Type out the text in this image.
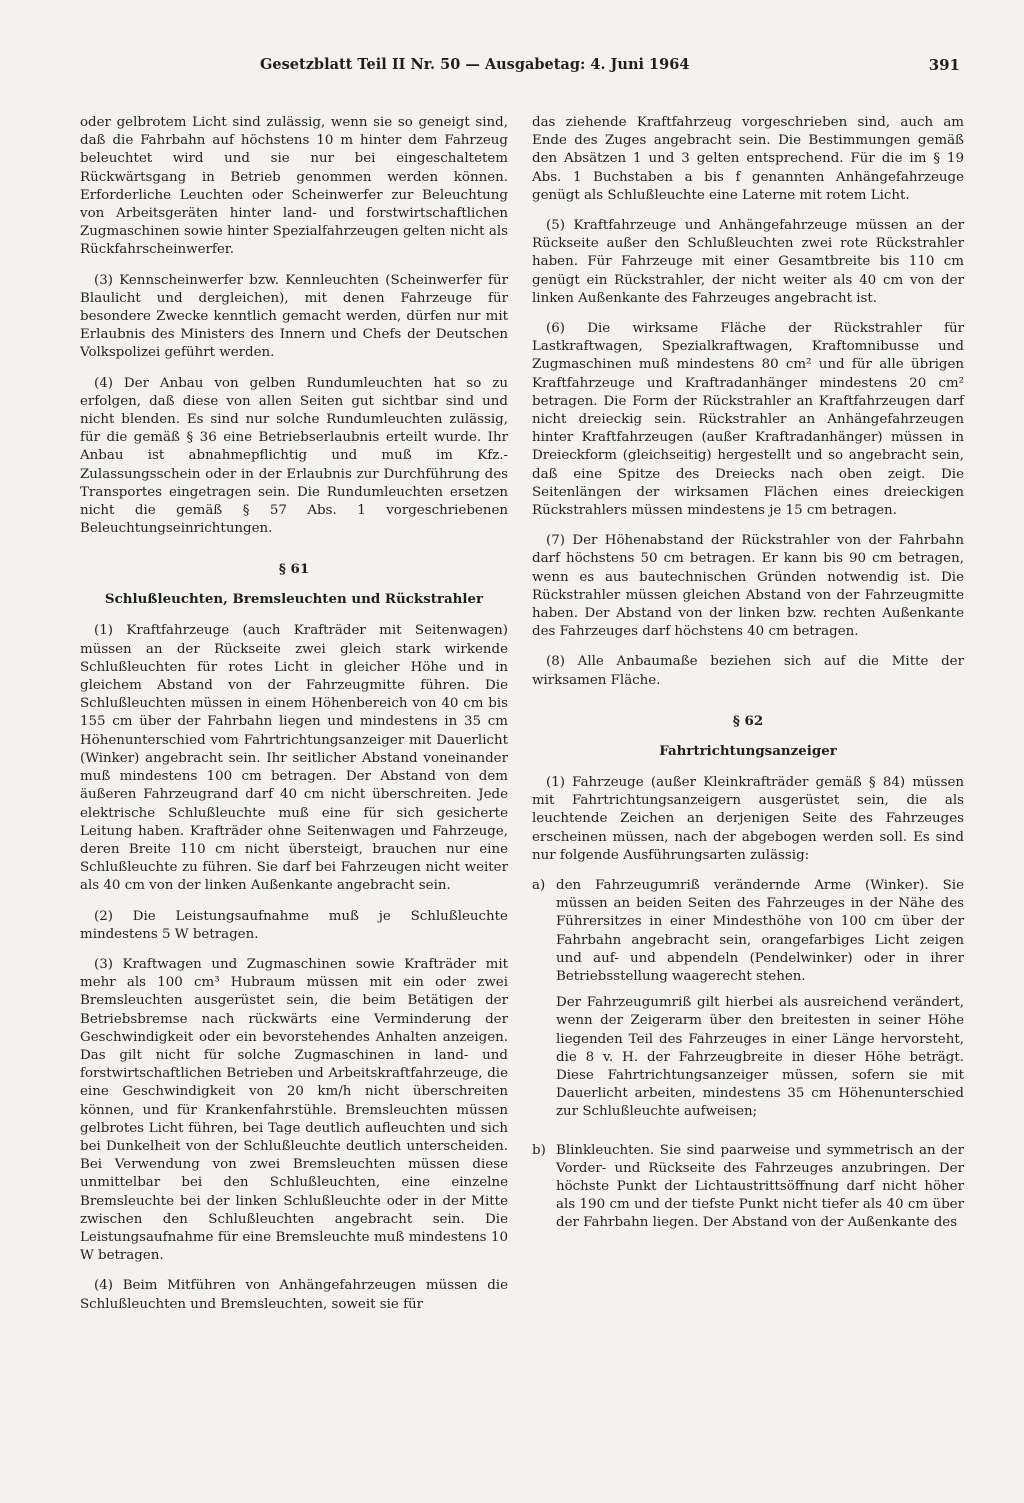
Gesetzblatt Teil II Nr. 50 — Ausgabetag: 4. Juni 1964	391

oder gelbrotem Licht sind zulässig, wenn sie so geneigt sind, daß die Fahrbahn auf höchstens 10 m hinter dem Fahrzeug beleuchtet wird und sie nur bei eingeschaltetem Rückwärtsgang in Betrieb genommen werden können. Erforderliche Leuchten oder Scheinwerfer zur Beleuchtung von Arbeitsgeräten hinter land- und forstwirtschaftlichen Zugmaschinen sowie hinter Spezialfahrzeugen gelten nicht als Rückfahrscheinwerfer.

(3) Kennscheinwerfer bzw. Kennleuchten (Scheinwerfer für Blaulicht und dergleichen), mit denen Fahrzeuge für besondere Zwecke kenntlich gemacht werden, dürfen nur mit Erlaubnis des Ministers des Innern und Chefs der Deutschen Volkspolizei geführt werden.

(4) Der Anbau von gelben Rundumleuchten hat so zu erfolgen, daß diese von allen Seiten gut sichtbar sind und nicht blenden. Es sind nur solche Rundumleuchten zulässig, für die gemäß § 36 eine Betriebserlaubnis erteilt wurde. Ihr Anbau ist abnahmepflichtig und muß im Kfz.-Zulassungsschein oder in der Erlaubnis zur Durchführung des Transportes eingetragen sein. Die Rundumleuchten ersetzen nicht die gemäß § 57 Abs. 1 vorgeschriebenen Beleuchtungseinrichtungen.

§ 61
Schlußleuchten, Bremsleuchten und Rückstrahler

(1) Kraftfahrzeuge (auch Krafträder mit Seitenwagen) müssen an der Rückseite zwei gleich stark wirkende Schlußleuchten für rotes Licht in gleicher Höhe und in gleichem Abstand von der Fahrzeugmitte führen. Die Schlußleuchten müssen in einem Höhenbereich von 40 cm bis 155 cm über der Fahrbahn liegen und mindestens in 35 cm Höhenunterschied vom Fahrtrichtungsanzeiger mit Dauerlicht (Winker) angebracht sein. Ihr seitlicher Abstand voneinander muß mindestens 100 cm betragen. Der Abstand von dem äußeren Fahrzeugrand darf 40 cm nicht überschreiten. Jede elektrische Schlußleuchte muß eine für sich gesicherte Leitung haben. Krafträder ohne Seitenwagen und Fahrzeuge, deren Breite 110 cm nicht übersteigt, brauchen nur eine Schlußleuchte zu führen. Sie darf bei Fahrzeugen nicht weiter als 40 cm von der linken Außenkante angebracht sein.

(2) Die Leistungsaufnahme muß je Schlußleuchte mindestens 5 W betragen.

(3) Kraftwagen und Zugmaschinen sowie Krafträder mit mehr als 100 cm³ Hubraum müssen mit ein oder zwei Bremsleuchten ausgerüstet sein, die beim Betätigen der Betriebsbremse nach rückwärts eine Verminderung der Geschwindigkeit oder ein bevorstehendes Anhalten anzeigen. Das gilt nicht für solche Zugmaschinen in land- und forstwirtschaftlichen Betrieben und Arbeitskraftfahrzeuge, die eine Geschwindigkeit von 20 km/h nicht überschreiten können, und für Krankenfahrstühle. Bremsleuchten müssen gelbrotes Licht führen, bei Tage deutlich aufleuchten und sich bei Dunkelheit von der Schlußleuchte deutlich unterscheiden. Bei Verwendung von zwei Bremsleuchten müssen diese unmittelbar bei den Schlußleuchten, eine einzelne Bremsleuchte bei der linken Schlußleuchte oder in der Mitte zwischen den Schlußleuchten angebracht sein. Die Leistungsaufnahme für eine Bremsleuchte muß mindestens 10 W betragen.

(4) Beim Mitführen von Anhängefahrzeugen müssen die Schlußleuchten und Bremsleuchten, soweit sie für

das ziehende Kraftfahrzeug vorgeschrieben sind, auch am Ende des Zuges angebracht sein. Die Bestimmungen gemäß den Absätzen 1 und 3 gelten entsprechend. Für die im § 19 Abs. 1 Buchstaben a bis f genannten Anhängefahrzeuge genügt als Schlußleuchte eine Laterne mit rotem Licht.

(5) Kraftfahrzeuge und Anhängefahrzeuge müssen an der Rückseite außer den Schlußleuchten zwei rote Rückstrahler haben. Für Fahrzeuge mit einer Gesamtbreite bis 110 cm genügt ein Rückstrahler, der nicht weiter als 40 cm von der linken Außenkante des Fahrzeuges angebracht ist.

(6) Die wirksame Fläche der Rückstrahler für Lastkraftwagen, Spezialkraftwagen, Kraftomnibusse und Zugmaschinen muß mindestens 80 cm² und für alle übrigen Kraftfahrzeuge und Kraftradanhänger mindestens 20 cm² betragen. Die Form der Rückstrahler an Kraftfahrzeugen darf nicht dreieckig sein. Rückstrahler an Anhängefahrzeugen hinter Kraftfahrzeugen (außer Kraftradanhänger) müssen in Dreieckform (gleichseitig) hergestellt und so angebracht sein, daß eine Spitze des Dreiecks nach oben zeigt. Die Seitenlängen der wirksamen Flächen eines dreieckigen Rückstrahlers müssen mindestens je 15 cm betragen.

(7) Der Höhenabstand der Rückstrahler von der Fahrbahn darf höchstens 50 cm betragen. Er kann bis 90 cm betragen, wenn es aus bautechnischen Gründen notwendig ist. Die Rückstrahler müssen gleichen Abstand von der Fahrzeugmitte haben. Der Abstand von der linken bzw. rechten Außenkante des Fahrzeuges darf höchstens 40 cm betragen.

(8) Alle Anbaumaße beziehen sich auf die Mitte der wirksamen Fläche.

§ 62
Fahrtrichtungsanzeiger

(1) Fahrzeuge (außer Kleinkrafträder gemäß § 84) müssen mit Fahrtrichtungsanzeigern ausgerüstet sein, die als leuchtende Zeichen an derjenigen Seite des Fahrzeuges erscheinen müssen, nach der abgebogen werden soll. Es sind nur folgende Ausführungsarten zulässig:

a) den Fahrzeugumriß verändernde Arme (Winker). Sie müssen an beiden Seiten des Fahrzeuges in der Nähe des Führersitzes in einer Mindesthöhe von 100 cm über der Fahrbahn angebracht sein, orangefarbiges Licht zeigen und auf- und abpendeln (Pendelwinker) oder in ihrer Betriebsstellung waagerecht stehen.

Der Fahrzeugumriß gilt hierbei als ausreichend verändert, wenn der Zeigerarm über den breitesten in seiner Höhe liegenden Teil des Fahrzeuges in einer Länge hervorsteht, die 8 v. H. der Fahrzeugbreite in dieser Höhe beträgt. Diese Fahrtrichtungsanzeiger müssen, sofern sie mit Dauerlicht arbeiten, mindestens 35 cm Höhenunterschied zur Schlußleuchte aufweisen;

b) Blinkleuchten. Sie sind paarweise und symmetrisch an der Vorder- und Rückseite des Fahrzeuges anzubringen. Der höchste Punkt der Lichtaustrittsöffnung darf nicht höher als 190 cm und der tiefste Punkt nicht tiefer als 40 cm über der Fahrbahn liegen. Der Abstand von der Außenkante des
